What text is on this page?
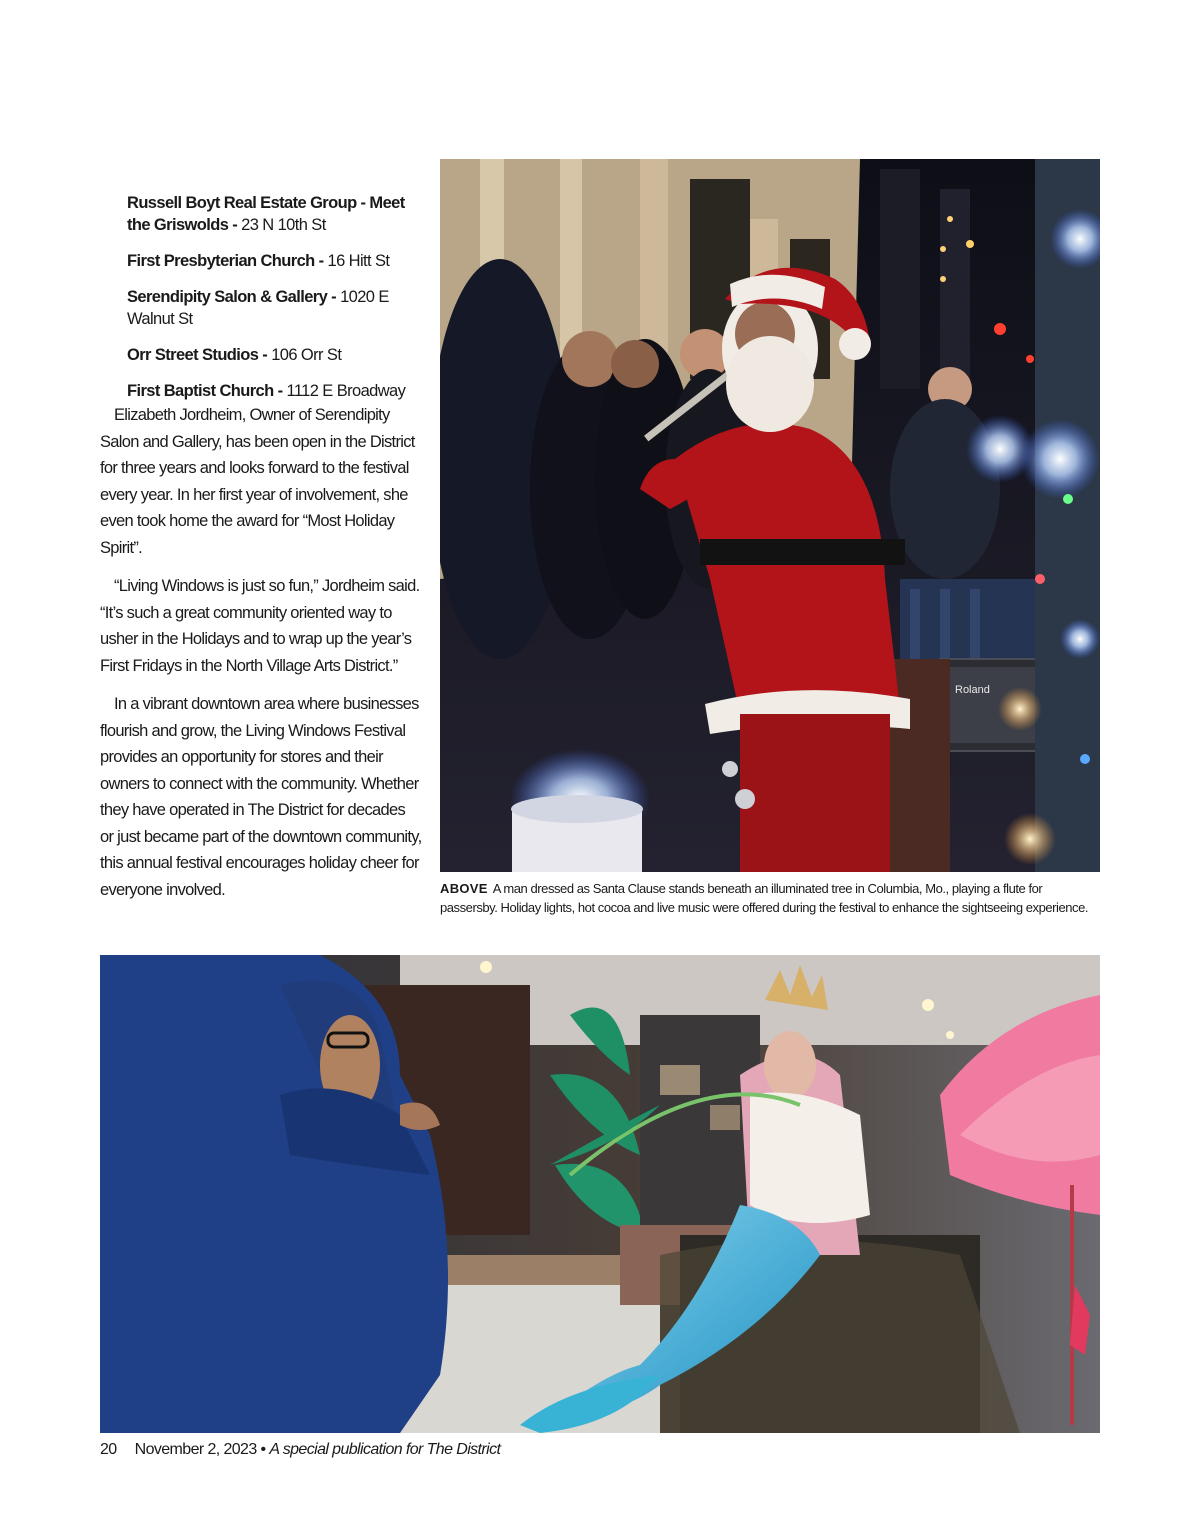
Russell Boyt Real Estate Group - Meet the Griswolds - 23 N 10th St

First Presbyterian Church - 16 Hitt St

Serendipity Salon & Gallery - 1020 E Walnut St

Orr Street Studios - 106 Orr St

First Baptist Church - 1112 E Broadway

Elizabeth Jordheim, Owner of Serendipity Salon and Gallery, has been open in the District for three years and looks forward to the festival every year. In her first year of involvement, she even took home the award for “Most Holiday Spirit”.

“Living Windows is just so fun,” Jordheim said. “It’s such a great community oriented way to usher in the Holidays and to wrap up the year’s First Fridays in the North Village Arts District.”

In a vibrant downtown area where businesses flourish and grow, the Living Windows Festival provides an opportunity for stores and their owners to connect with the community. Whether they have operated in The District for decades or just became part of the downtown community, this annual festival encourages holiday cheer for everyone involved.

Roland
ABOVE A man dressed as Santa Clause stands beneath an illuminated tree in Columbia, Mo., playing a flute for passersby. Holiday lights, hot cocoa and live music were offered during the festival to enhance the sightseeing experience.
20 November 2, 2023 • A special publication for The District
